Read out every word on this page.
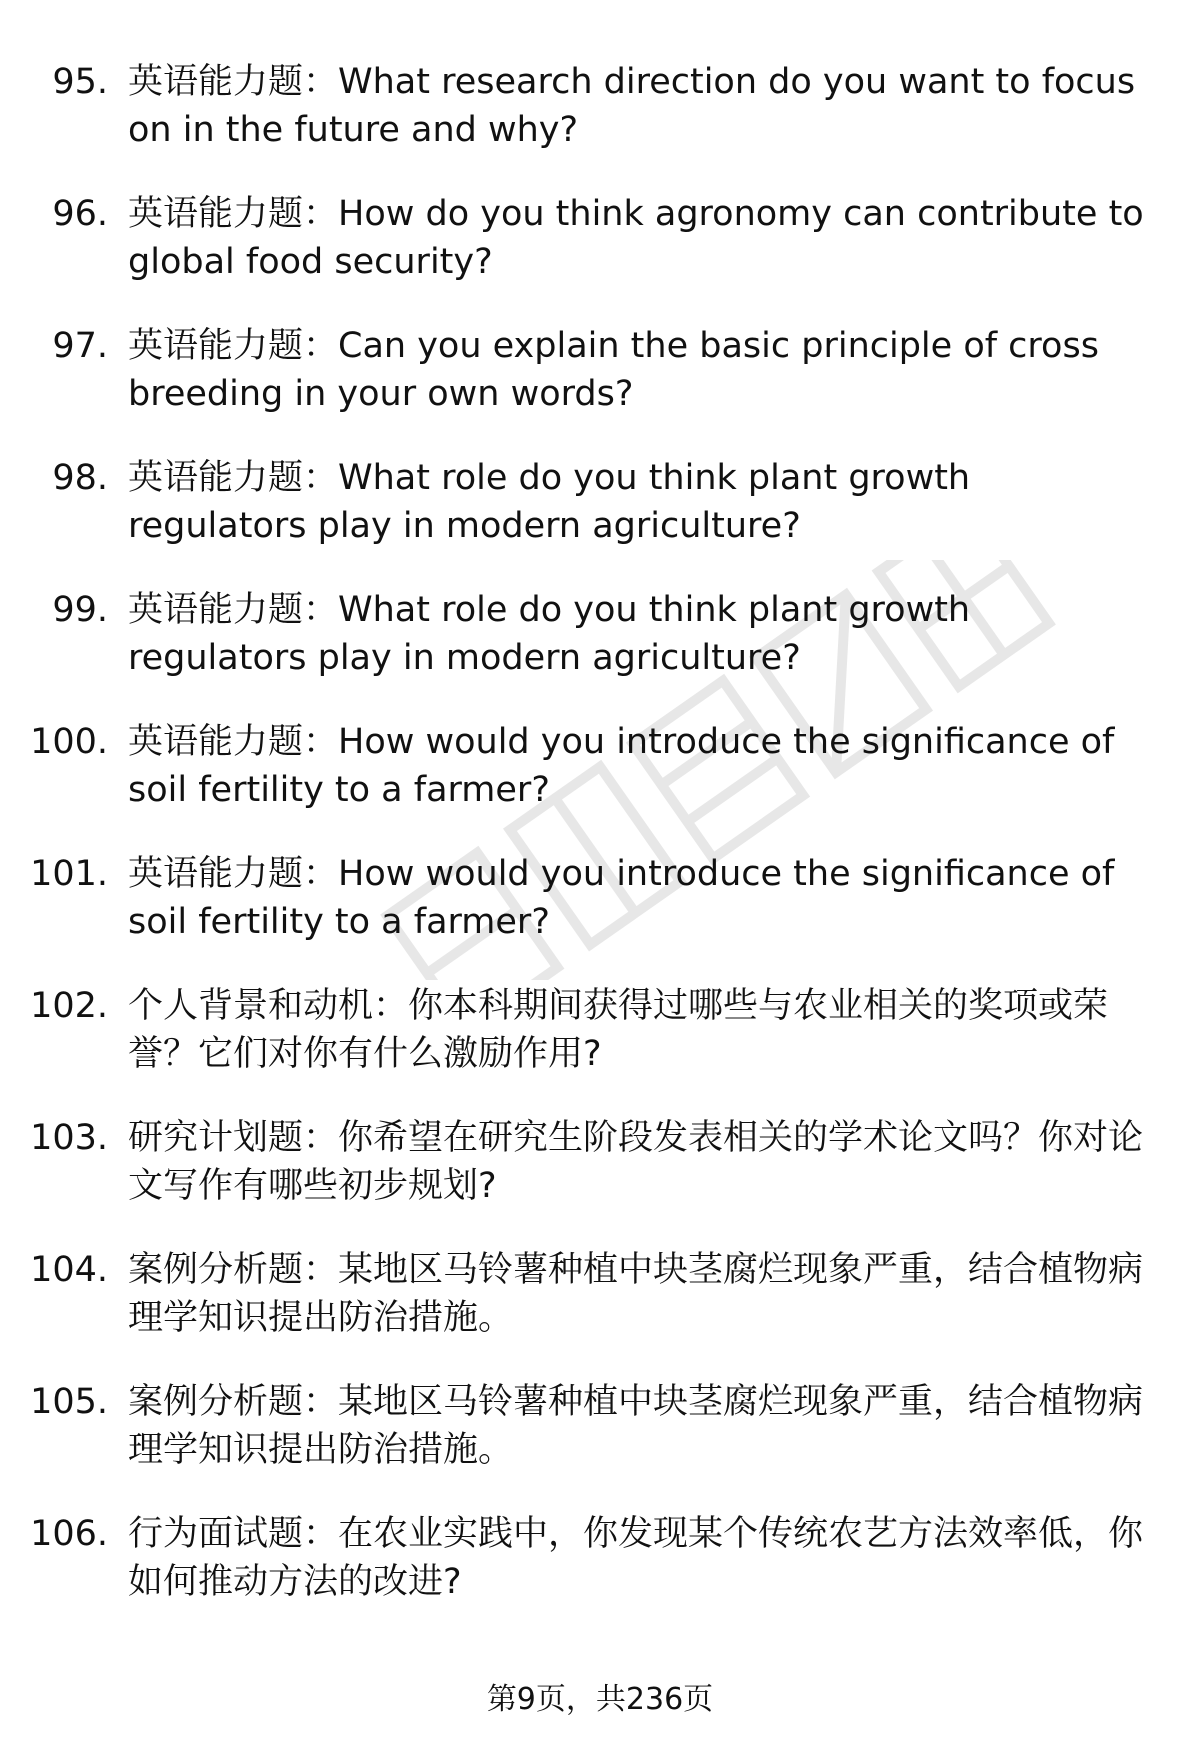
95. 英语能力题：What research direction do you want to focus on in the future and why?
96. 英语能力题：How do you think agronomy can contribute to global food security?
97. 英语能力题：Can you explain the basic principle of cross breeding in your own words?
98. 英语能力题：What role do you think plant growth regulators play in modern agriculture?
99. 英语能力题：What role do you think plant growth regulators play in modern agriculture?
100. 英语能力题：How would you introduce the significance of soil fertility to a farmer?
101. 英语能力题：How would you introduce the significance of soil fertility to a farmer?
102. 个人背景和动机：你本科期间获得过哪些与农业相关的奖项或荣誉？它们对你有什么激励作用?
103. 研究计划题：你希望在研究生阶段发表相关的学术论文吗？你对论文写作有哪些初步规划?
104. 案例分析题：某地区马铃薯种植中块茎腐烂现象严重，结合植物病理学知识提出防治措施。
105. 案例分析题：某地区马铃薯种植中块茎腐烂现象严重，结合植物病理学知识提出防治措施。
106. 行为面试题：在农业实践中，你发现某个传统农艺方法效率低，你如何推动方法的改进?
第9页，共236页
